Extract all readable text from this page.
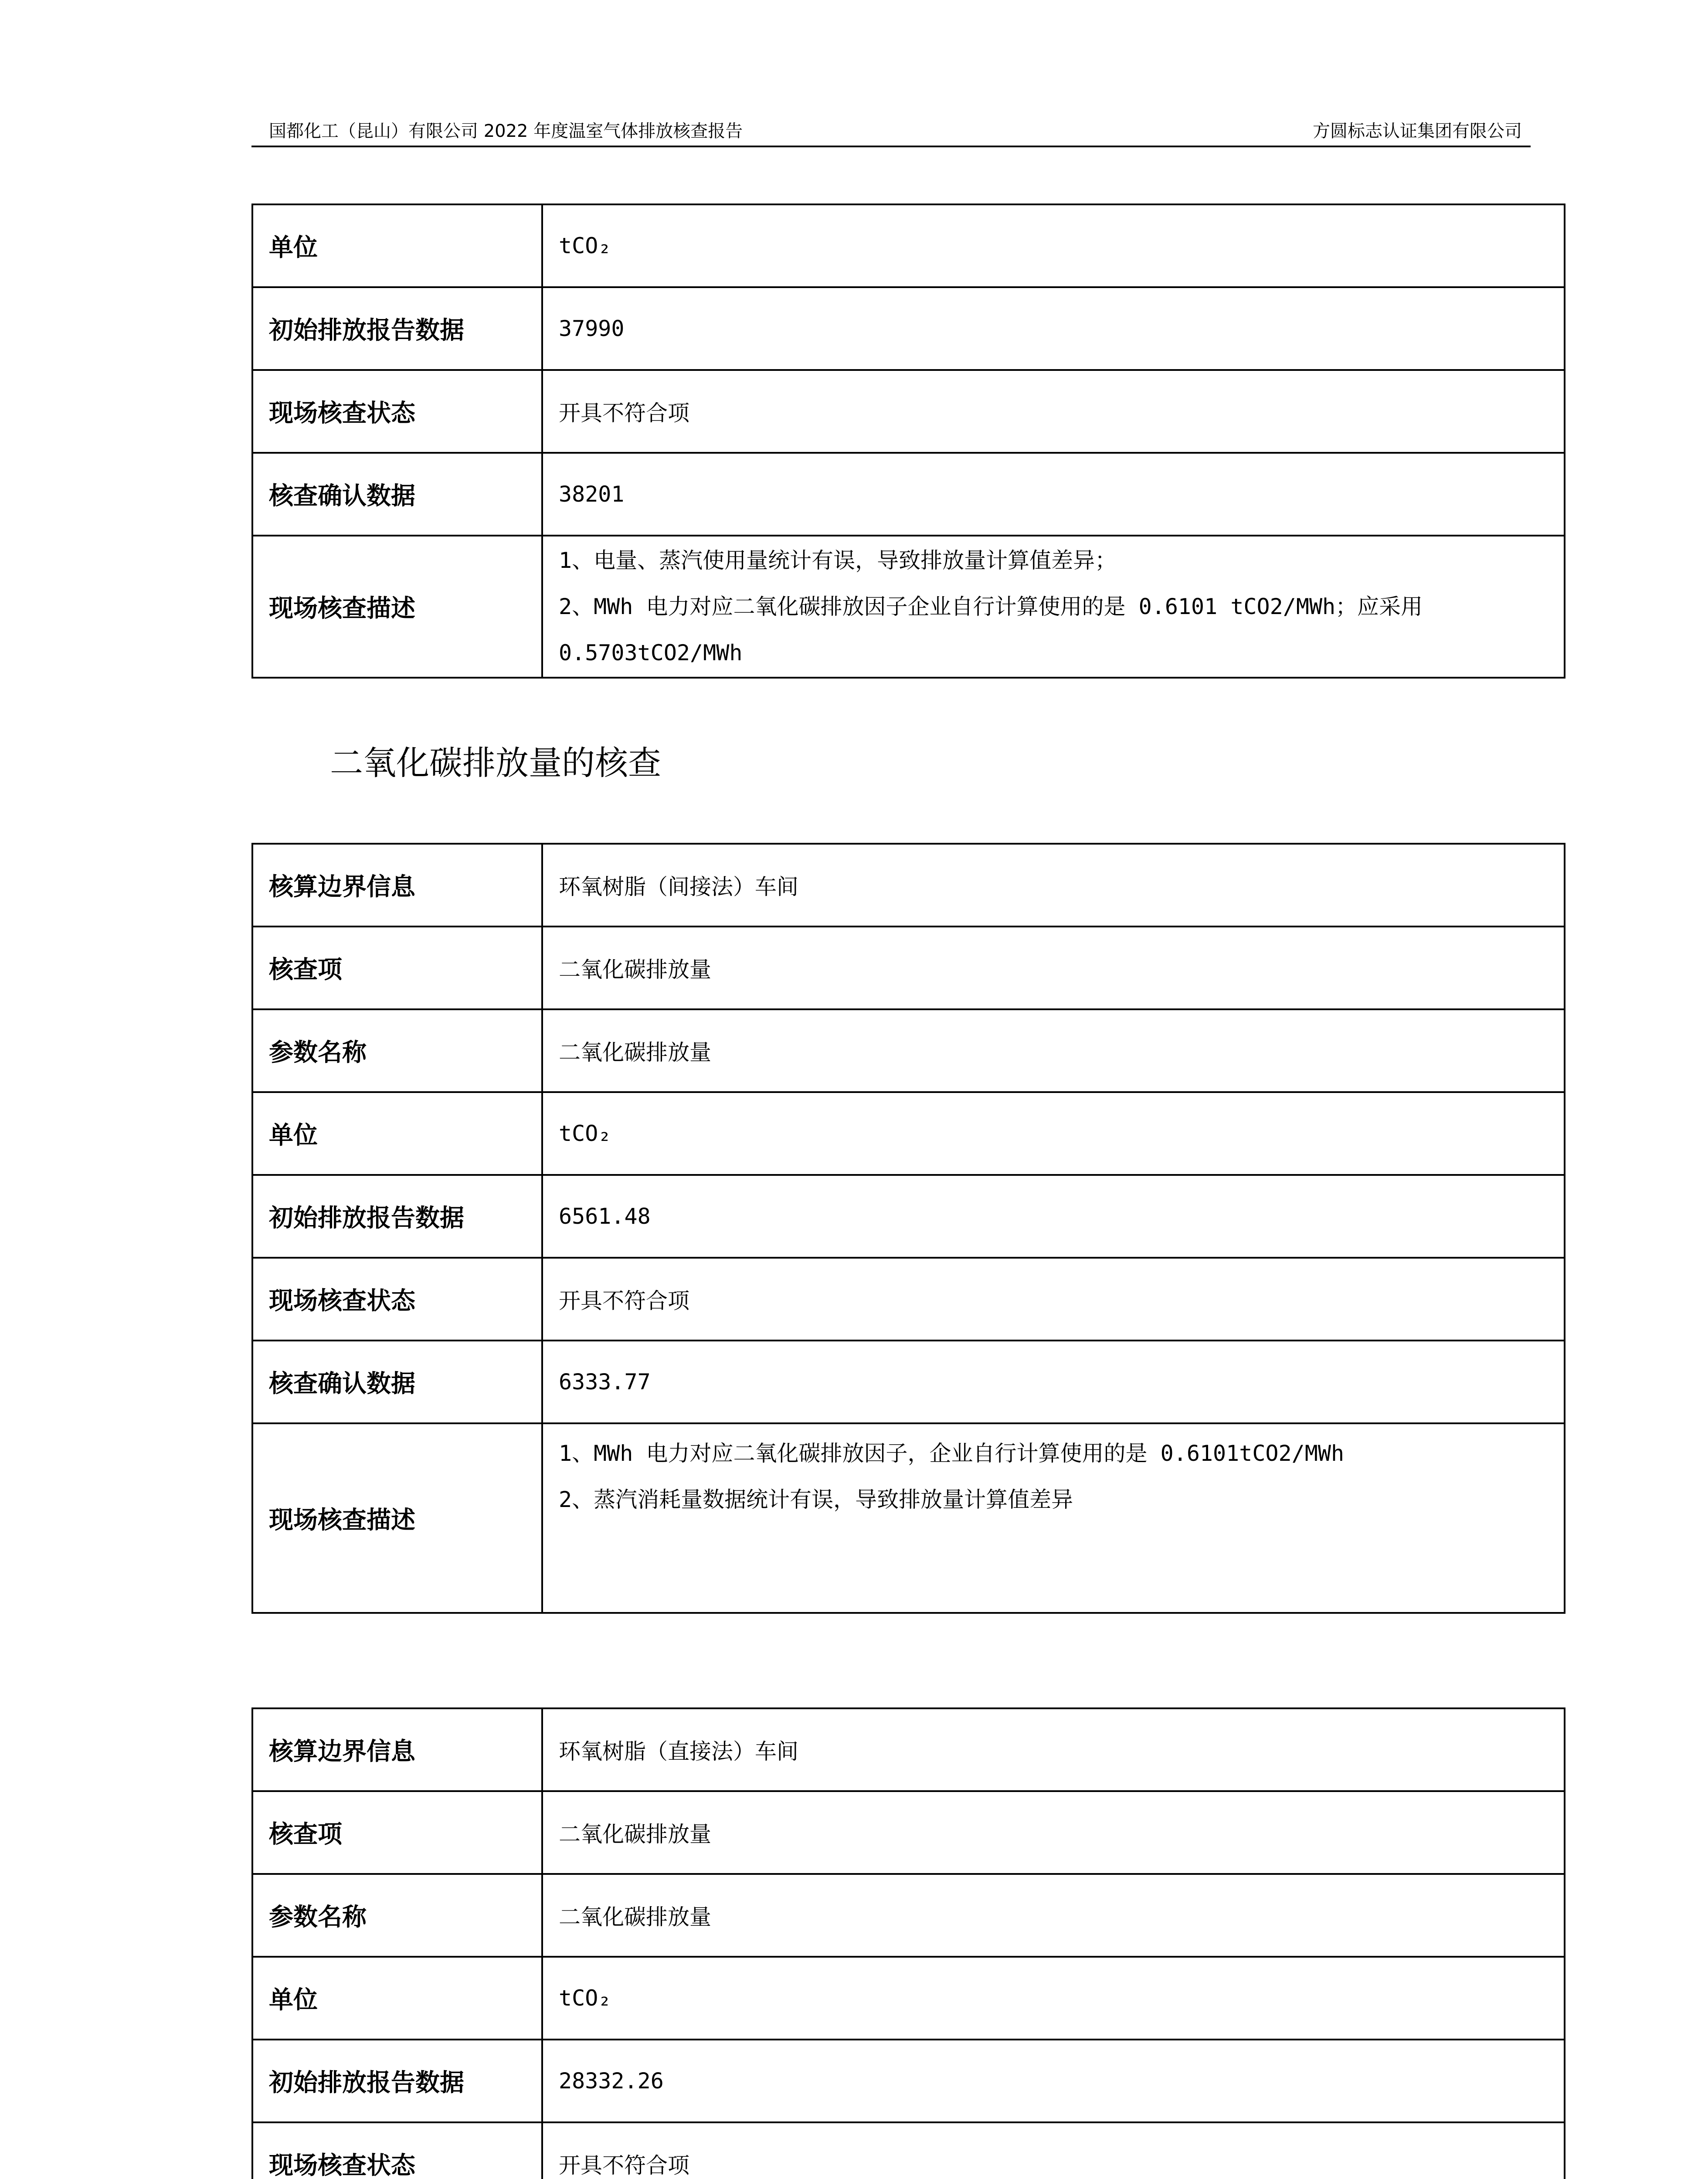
国都化工（昆山）有限公司 2022 年度温室气体排放核查报告	方圆标志认证集团有限公司
单位	tCO₂
初始排放报告数据	37990
现场核查状态	开具不符合项
核查确认数据	38201
现场核查描述	1、电量、蒸汽使用量统计有误，导致排放量计算值差异；
2、MWh 电力对应二氧化碳排放因子企业自行计算使用的是 0.6101 tCO2/MWh；应采用
0.5703tCO2/MWh
二氧化碳排放量的核查
核算边界信息	环氧树脂（间接法）车间
核查项	二氧化碳排放量
参数名称	二氧化碳排放量
单位	tCO₂
初始排放报告数据	6561.48
现场核查状态	开具不符合项
核查确认数据	6333.77
现场核查描述	1、MWh 电力对应二氧化碳排放因子，企业自行计算使用的是 0.6101tCO2/MWh
2、蒸汽消耗量数据统计有误，导致排放量计算值差异
核算边界信息	环氧树脂（直接法）车间
核查项	二氧化碳排放量
参数名称	二氧化碳排放量
单位	tCO₂
初始排放报告数据	28332.26
现场核查状态	开具不符合项
